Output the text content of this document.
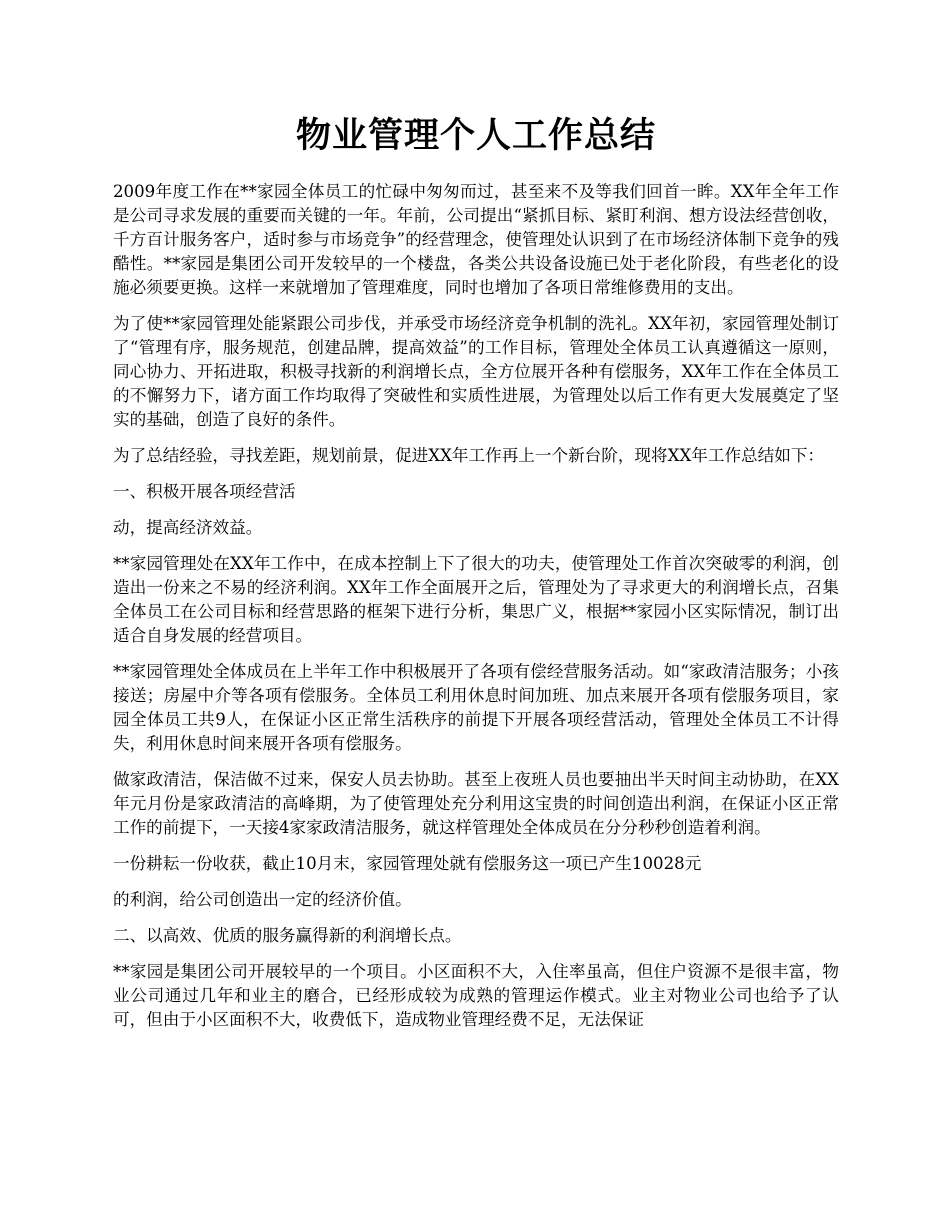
物业管理个人工作总结

2009年度工作在**家园全体员工的忙碌中匆匆而过，甚至来不及等我们回首一眸。XX年全年工作是公司寻求发展的重要而关键的一年。年前，公司提出“紧抓目标、紧盯利润、想方设法经营创收，千方百计服务客户，适时参与市场竞争”的经营理念，使管理处认识到了在市场经济体制下竞争的残酷性。**家园是集团公司开发较早的一个楼盘，各类公共设备设施已处于老化阶段，有些老化的设施必须要更换。这样一来就增加了管理难度，同时也增加了各项日常维修费用的支出。

为了使**家园管理处能紧跟公司步伐，并承受市场经济竞争机制的洗礼。XX年初，家园管理处制订了“管理有序，服务规范，创建品牌，提高效益”的工作目标，管理处全体员工认真遵循这一原则，同心协力、开拓进取，积极寻找新的利润增长点，全方位展开各种有偿服务，XX年工作在全体员工的不懈努力下，诸方面工作均取得了突破性和实质性进展，为管理处以后工作有更大发展奠定了坚实的基础，创造了良好的条件。

为了总结经验，寻找差距，规划前景，促进XX年工作再上一个新台阶，现将XX年工作总结如下：

一、积极开展各项经营活

动，提高经济效益。

**家园管理处在XX年工作中，在成本控制上下了很大的功夫，使管理处工作首次突破零的利润，创造出一份来之不易的经济利润。XX年工作全面展开之后，管理处为了寻求更大的利润增长点，召集全体员工在公司目标和经营思路的框架下进行分析，集思广义，根据**家园小区实际情况，制订出适合自身发展的经营项目。

**家园管理处全体成员在上半年工作中积极展开了各项有偿经营服务活动。如“家政清洁服务；小孩接送；房屋中介等各项有偿服务。全体员工利用休息时间加班、加点来展开各项有偿服务项目，家园全体员工共9人，在保证小区正常生活秩序的前提下开展各项经营活动，管理处全体员工不计得失，利用休息时间来展开各项有偿服务。

做家政清洁，保洁做不过来，保安人员去协助。甚至上夜班人员也要抽出半天时间主动协助，在XX年元月份是家政清洁的高峰期，为了使管理处充分利用这宝贵的时间创造出利润，在保证小区正常工作的前提下，一天接4家家政清洁服务，就这样管理处全体成员在分分秒秒创造着利润。

一份耕耘一份收获，截止10月末，家园管理处就有偿服务这一项已产生10028元

的利润，给公司创造出一定的经济价值。

二、以高效、优质的服务赢得新的利润增长点。

**家园是集团公司开展较早的一个项目。小区面积不大，入住率虽高，但住户资源不是很丰富，物业公司通过几年和业主的磨合，已经形成较为成熟的管理运作模式。业主对物业公司也给予了认可，但由于小区面积不大，收费低下，造成物业管理经费不足，无法保证
